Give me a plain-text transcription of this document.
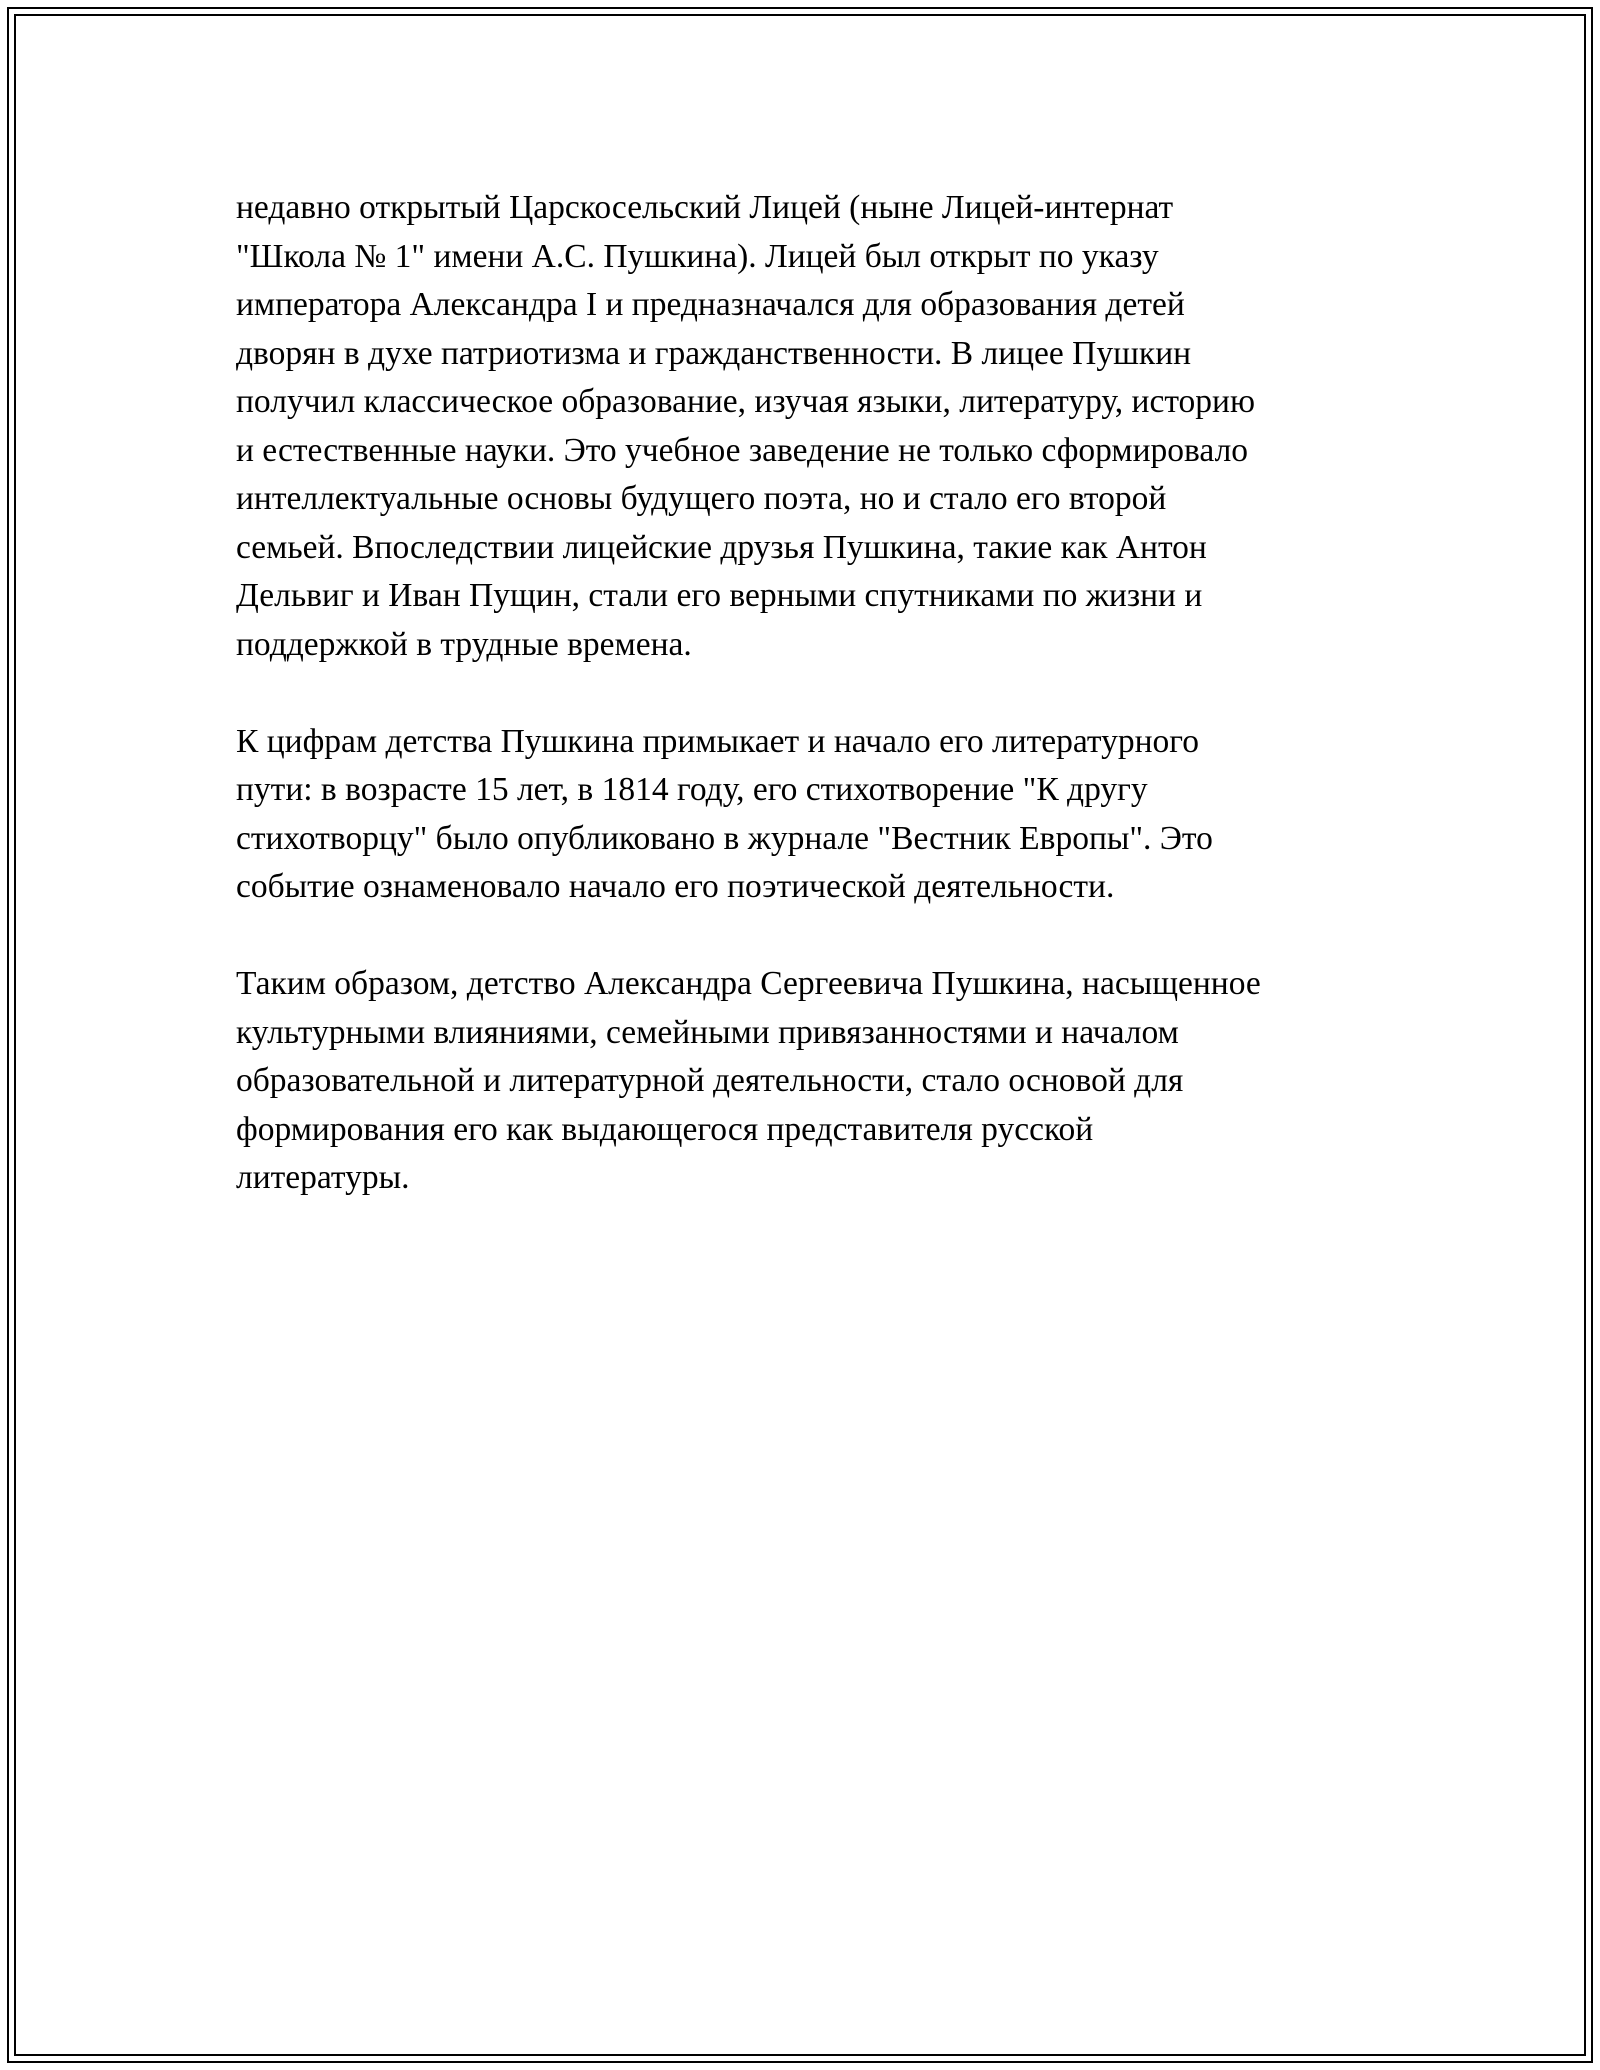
недавно открытый Царскосельский Лицей (ныне Лицей-интернат
"Школа № 1" имени А.С. Пушкина). Лицей был открыт по указу
императора Александра I и предназначался для образования детей
дворян в духе патриотизма и гражданственности. В лицее Пушкин
получил классическое образование, изучая языки, литературу, историю
и естественные науки. Это учебное заведение не только сформировало
интеллектуальные основы будущего поэта, но и стало его второй
семьей. Впоследствии лицейские друзья Пушкина, такие как Антон
Дельвиг и Иван Пущин, стали его верными спутниками по жизни и
поддержкой в трудные времена.

К цифрам детства Пушкина примыкает и начало его литературного
пути: в возрасте 15 лет, в 1814 году, его стихотворение "К другу
стихотворцу" было опубликовано в журнале "Вестник Европы". Это
событие ознаменовало начало его поэтической деятельности.

Таким образом, детство Александра Сергеевича Пушкина, насыщенное
культурными влияниями, семейными привязанностями и началом
образовательной и литературной деятельности, стало основой для
формирования его как выдающегося представителя русской
литературы.
